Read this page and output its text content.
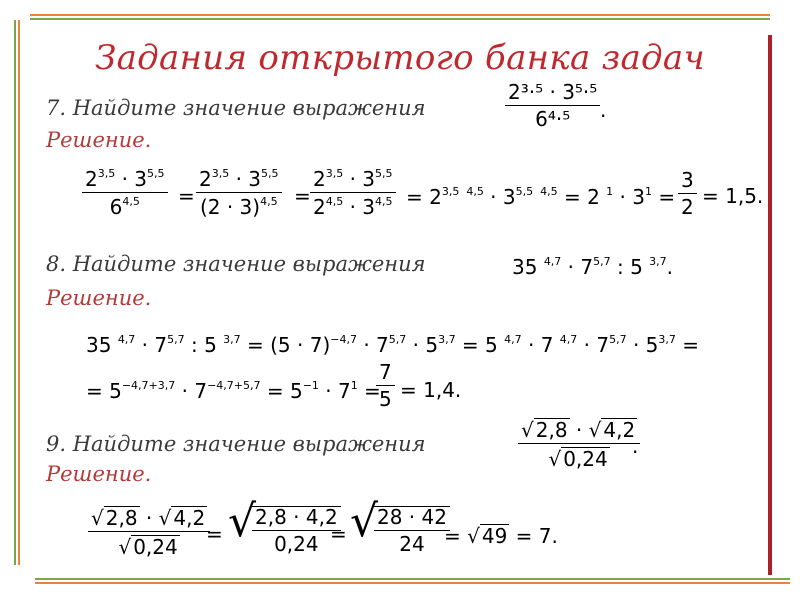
Задания открытого банка задач
7. Найдите значение выражения	$\frac{\text{2³·⁵ · 3⁵·⁵}}{\text{6⁴·⁵}}$ .
Решение.
$\frac{2^{3,5} \cdot 3^{5,5}}{6^{4,5}} = \frac{2^{3,5} \cdot 3^{5,5}}{(2 \cdot 3)^{4,5}} = \frac{2^{3,5} \cdot 3^{5,5}}{2^{4,5} \cdot 3^{4,5}} = 2^{3,5 4,5} \cdot 3^{5,5 4,5} = 2$ $^1 \cdot 3^1 = \frac{3}{2} = 1,5$.
8. Найдите значение выражения	35 $^{4,7} \cdot 7^{5,7}$ : 5 $^{3,7}$.
Решение.
35 $^{4,7} \cdot 7^{5,7}$ : 5 $^{3,7} = (5 \cdot 7)^{-4,7} \cdot 7^{5,7} \cdot 5^{3,7} = 5$ $^{4,7}$ · 7 $^{4,7} \cdot 7^{5,7} \cdot 5^{3,7}$ =
= $5^{-4,7+3,7} \cdot 7^{-4,7+5,7} = 5^{-1} \cdot 7^1$ =
$\frac{7}{5} = 1,4$.
9. Найдите значение выражения	$\frac{√ 2,8 \cdot √ 4,2}{√ 0,24}$
.
Решение.
$\frac{√ 2,8 \cdot √ 4,2}{√ 0,24}$
= √
$\frac{2,8 \cdot 4,2}{0,24}$
= √
$\frac{28 \cdot 42}{24}$
= √ 49 = 7.
